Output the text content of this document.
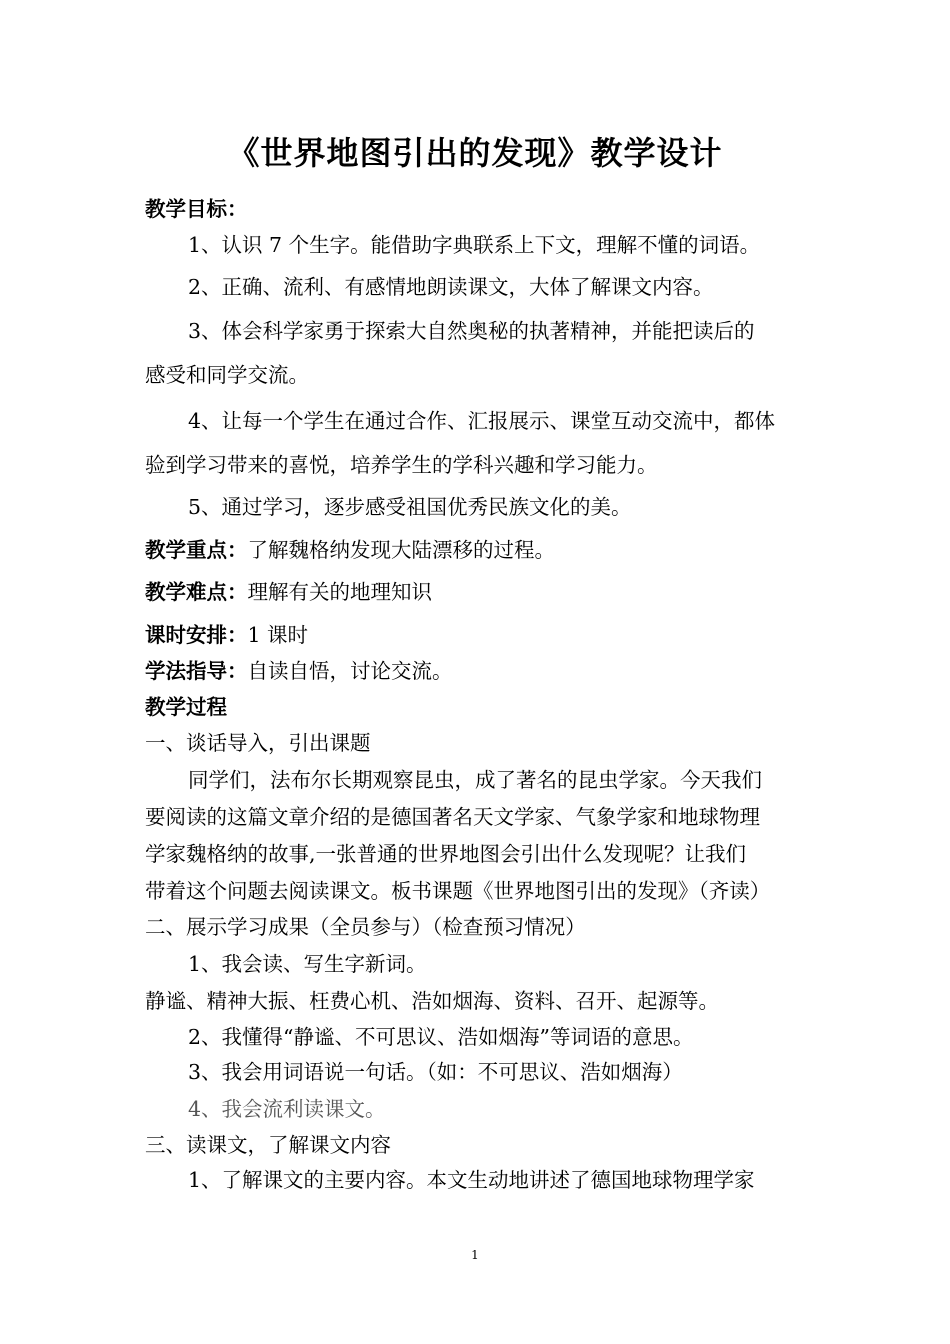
《世界地图引出的发现》教学设计
教学目标：
1、认识 7 个生字。能借助字典联系上下文，理解不懂的词语。
2、正确、流利、有感情地朗读课文，大体了解课文内容。
3、体会科学家勇于探索大自然奥秘的执著精神，并能把读后的
感受和同学交流。
4、让每一个学生在通过合作、汇报展示、课堂互动交流中，都体
验到学习带来的喜悦，培养学生的学科兴趣和学习能力。
5、通过学习，逐步感受祖国优秀民族文化的美。
教学重点：了解魏格纳发现大陆漂移的过程。
教学难点：理解有关的地理知识
课时安排：1 课时
学法指导：自读自悟，讨论交流。
教学过程
一、谈话导入，引出课题
同学们，法布尔长期观察昆虫，成了著名的昆虫学家。今天我们
要阅读的这篇文章介绍的是德国著名天文学家、气象学家和地球物理
学家魏格纳的故事,一张普通的世界地图会引出什么发现呢？让我们
带着这个问题去阅读课文。板书课题《世界地图引出的发现》（齐读）
二、展示学习成果（全员参与）（检查预习情况）
1、我会读、写生字新词。
静谧、精神大振、枉费心机、浩如烟海、资料、召开、起源等。
2、我懂得“静谧、不可思议、浩如烟海”等词语的意思。
3、我会用词语说一句话。（如：不可思议、浩如烟海）
4、我会流利读课文。
三、读课文，了解课文内容
1、了解课文的主要内容。本文生动地讲述了德国地球物理学家
1
